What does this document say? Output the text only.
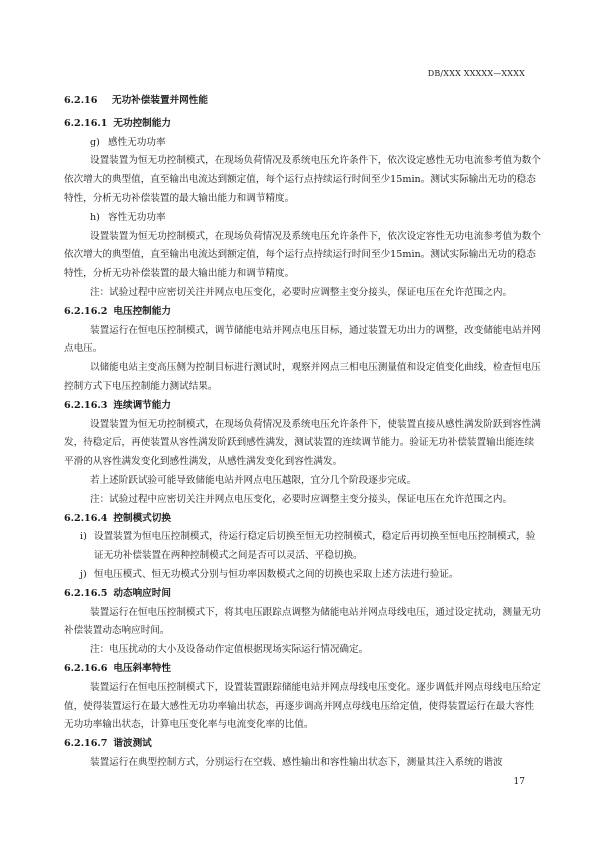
DB/XXX XXXXX—XXXX

6.2.16 无功补偿装置并网性能

6.2.16.1 无功控制能力

g) 感性无功功率

设置装置为恒无功控制模式，在现场负荷情况及系统电压允许条件下，依次设定感性无功电流参考值为数个依次增大的典型值，直至输出电流达到额定值，每个运行点持续运行时间至少15min。测试实际输出无功的稳态特性，分析无功补偿装置的最大输出能力和调节精度。

h) 容性无功功率

设置装置为恒无功控制模式，在现场负荷情况及系统电压允许条件下，依次设定容性无功电流参考值为数个依次增大的典型值，直至输出电流达到额定值，每个运行点持续运行时间至少15min。测试实际输出无功的稳态特性，分析无功补偿装置的最大输出能力和调节精度。

注：试验过程中应密切关注并网点电压变化，必要时应调整主变分接头，保证电压在允许范围之内。

6.2.16.2 电压控制能力

装置运行在恒电压控制模式，调节储能电站并网点电压目标，通过装置无功出力的调整，改变储能电站并网点电压。

以储能电站主变高压侧为控制目标进行测试时，观察并网点三相电压测量值和设定值变化曲线，检查恒电压控制方式下电压控制能力测试结果。

6.2.16.3 连续调节能力

设置装置为恒无功控制模式，在现场负荷情况及系统电压允许条件下，使装置直接从感性满发阶跃到容性满发，待稳定后，再使装置从容性满发阶跃到感性满发，测试装置的连续调节能力。验证无功补偿装置输出能连续平滑的从容性满发变化到感性满发，从感性满发变化到容性满发。

若上述阶跃试验可能导致储能电站并网点电压越限，宜分几个阶段逐步完成。

注：试验过程中应密切关注并网点电压变化，必要时应调整主变分接头，保证电压在允许范围之内。

6.2.16.4 控制模式切换

i) 设置装置为恒电压控制模式，待运行稳定后切换至恒无功控制模式，稳定后再切换至恒电压控制模式，验证无功补偿装置在两种控制模式之间是否可以灵活、平稳切换。

j) 恒电压模式、恒无功模式分别与恒功率因数模式之间的切换也采取上述方法进行验证。

6.2.16.5 动态响应时间

装置运行在恒电压控制模式下，将其电压跟踪点调整为储能电站并网点母线电压，通过设定扰动，测量无功补偿装置动态响应时间。

注：电压扰动的大小及设备动作定值根据现场实际运行情况确定。

6.2.16.6 电压斜率特性

装置运行在恒电压控制模式下，设置装置跟踪储能电站并网点母线电压变化。逐步调低并网点母线电压给定值，使得装置运行在最大感性无功功率输出状态，再逐步调高并网点母线电压给定值，使得装置运行在最大容性无功功率输出状态，计算电压变化率与电流变化率的比值。

6.2.16.7 谐波测试

装置运行在典型控制方式，分别运行在空载、感性输出和容性输出状态下，测量其注入系统的谐波

17
